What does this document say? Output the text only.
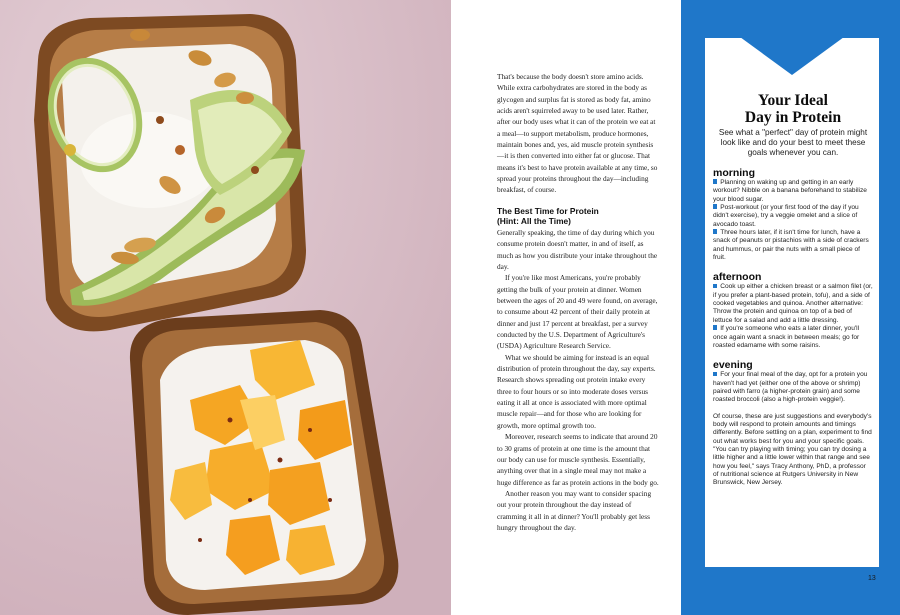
That's because the body doesn't store amino acids. While extra carbohydrates are stored in the body as glycogen and surplus fat is stored as body fat, amino acids aren't squirreled away to be used later. Rather, after our body uses what it can of the protein we eat at a meal—to support metabolism, produce hormones, maintain bones and, yes, aid muscle protein synthesis—it is then converted into either fat or glucose. That means it's best to have protein available at any time, so spread your proteins throughout the day—including breakfast, of course.

The Best Time for Protein
(Hint: All the Time)

Generally speaking, the time of day during which you consume protein doesn't matter, in and of itself, as much as how you distribute your intake throughout the day.

If you're like most Americans, you're probably getting the bulk of your protein at dinner. Women between the ages of 20 and 49 were found, on average, to consume about 42 percent of their daily protein at dinner and just 17 percent at breakfast, per a survey conducted by the U.S. Department of Agriculture's (USDA) Agriculture Research Service.

What we should be aiming for instead is an equal distribution of protein throughout the day, say experts. Research shows spreading out protein intake every three to four hours or so into moderate doses versus eating it all at once is associated with more optimal muscle repair—and for those who are looking for growth, more optimal growth too.

Moreover, research seems to indicate that around 20 to 30 grams of protein at one time is the amount that our body can use for muscle synthesis. Essentially, anything over that in a single meal may not make a huge difference as far as protein actions in the body go.

Another reason you may want to consider spacing out your protein throughout the day instead of cramming it all in at dinner? You'll probably get less hungry throughout the day.

Your Ideal
Day in Protein
See what a "perfect" day of protein might look like and do your best to meet these goals whenever you can.
morning
Planning on waking up and getting in an early workout? Nibble on a banana beforehand to stabilize your blood sugar.
Post-workout (or your first food of the day if you didn't exercise), try a veggie omelet and a slice of avocado toast.
Three hours later, if it isn't time for lunch, have a snack of peanuts or pistachios with a side of crackers and hummus, or pair the nuts with a small piece of fruit.
afternoon
Cook up either a chicken breast or a salmon filet (or, if you prefer a plant-based protein, tofu), and a side of cooked vegetables and quinoa. Another alternative: Throw the protein and quinoa on top of a bed of lettuce for a salad and add a little dressing.
If you're someone who eats a later dinner, you'll once again want a snack in between meals; go for roasted edamame with some raisins.
evening
For your final meal of the day, opt for a protein you haven't had yet (either one of the above or shrimp) paired with farro (a higher-protein grain) and some roasted broccoli (also a high-protein veggie!).
Of course, these are just suggestions and everybody's body will respond to protein amounts and timings differently. Before settling on a plan, experiment to find out what works best for you and your specific goals. "You can try playing with timing; you can try dosing a little higher and a little lower within that range and see how you feel," says Tracy Anthony, PhD, a professor of nutritional science at Rutgers University in New Brunswick, New Jersey.
13
